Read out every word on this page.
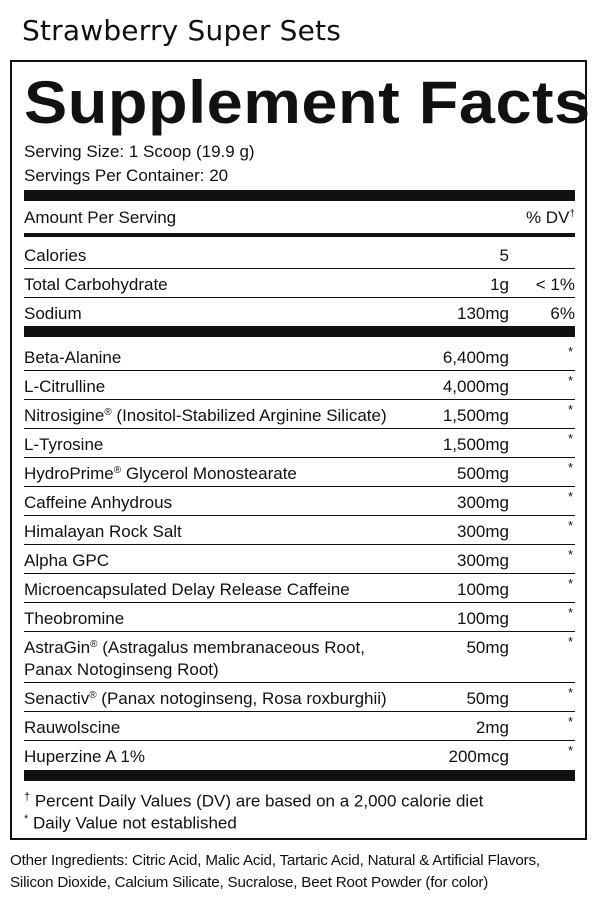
Strawberry Super Sets
Supplement Facts
Serving Size: 1 Scoop (19.9 g)
Servings Per Container: 20
Amount Per Serving	% DV†
Calories	5
Total Carbohydrate	1g < 1%
Sodium	130mg 6%
Beta-Alanine	6,400mg	*
L-Citrulline	4,000mg	*
Nitrosigine® (Inositol-Stabilized Arginine Silicate)	1,500mg	*
L-Tyrosine	1,500mg	*
HydroPrime® Glycerol Monostearate	500mg	*
Caffeine Anhydrous	300mg	*
Himalayan Rock Salt	300mg	*
Alpha GPC	300mg	*
Microencapsulated Delay Release Caffeine	100mg	*
Theobromine	100mg	*
AstraGin® (Astragalus membranaceous Root,
Panax Notoginseng Root)
50mg	*
Senactiv® (Panax notoginseng, Rosa roxburghii)	50mg	*
Rauwolscine	2mg	*
Huperzine A 1%	200mcg	*
† Percent Daily Values (DV) are based on a 2,000 calorie diet
* Daily Value not established
Other Ingredients: Citric Acid, Malic Acid, Tartaric Acid, Natural & Artificial Flavors,
Silicon Dioxide, Calcium Silicate, Sucralose, Beet Root Powder (for color)
